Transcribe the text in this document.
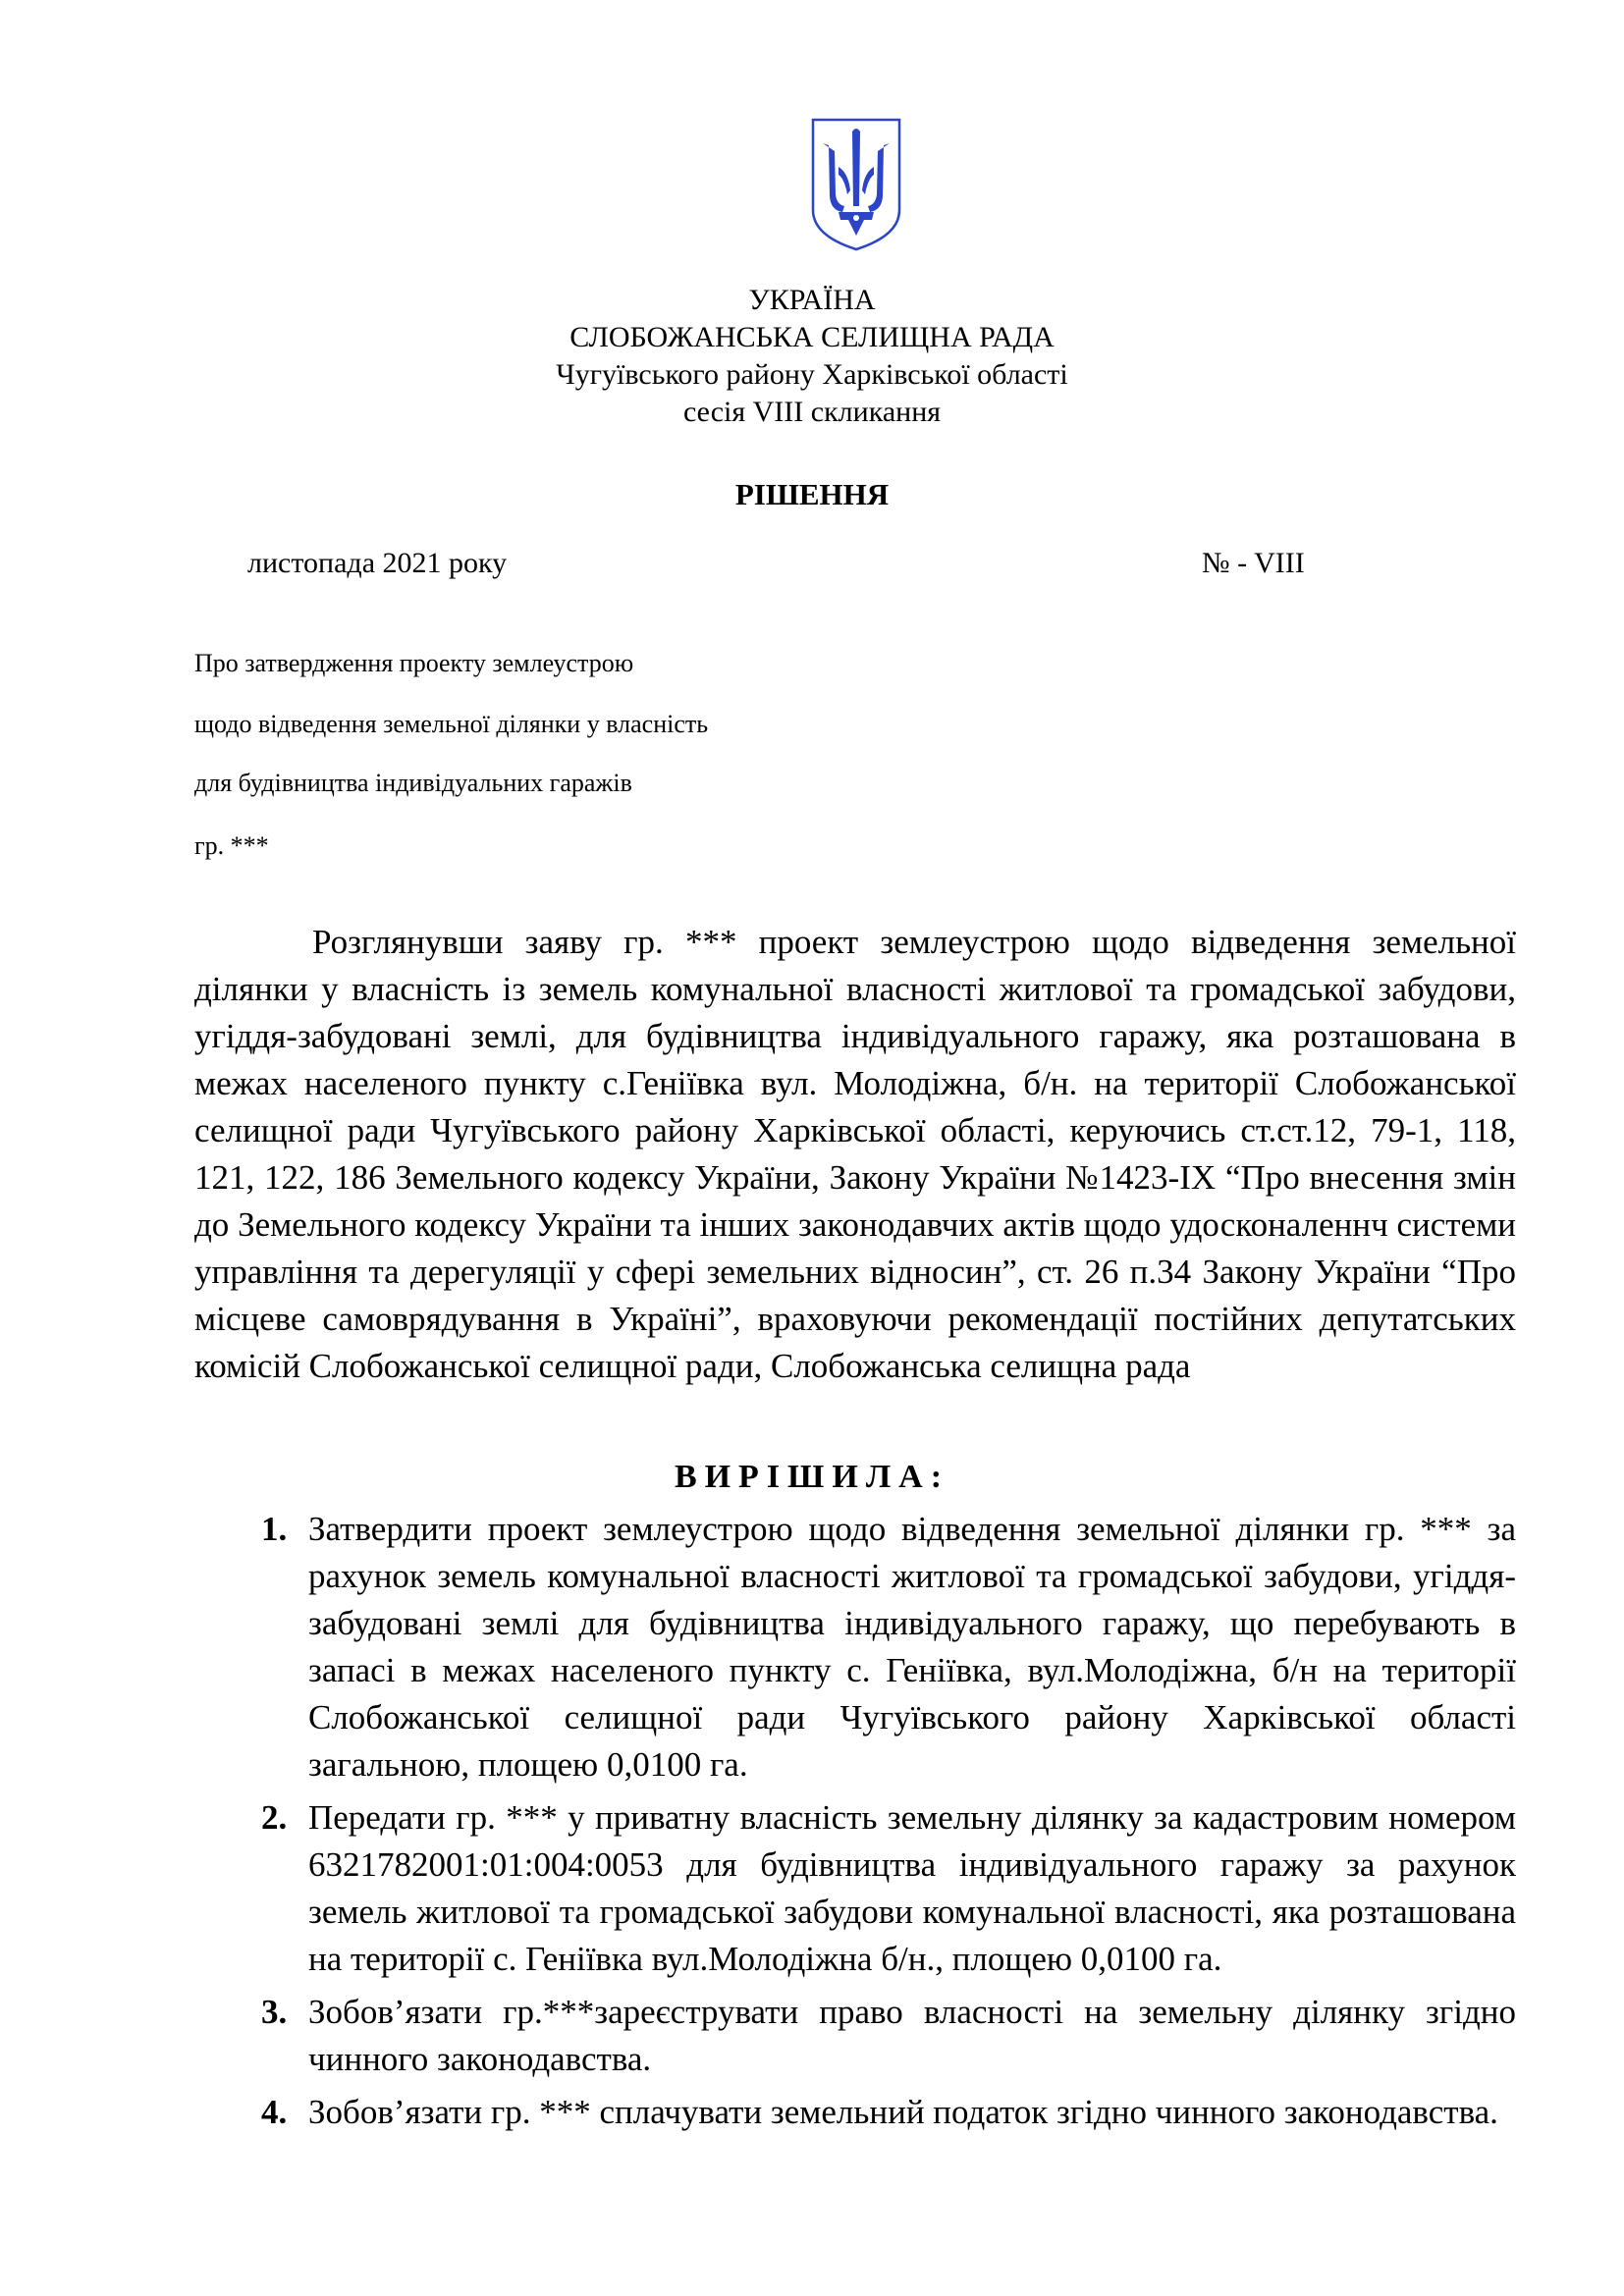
УКРАЇНА
СЛОБОЖАНСЬКА СЕЛИЩНА РАДА
Чугуївського району Харківської області
сесія VIII скликання
РІШЕННЯ
листопада 2021 року	№ - VIII
Про затвердження проекту землеустрою
щодо відведення земельної ділянки у власність
для будівництва індивідуальних гаражів
гр. ***
Розглянувши заяву гр. *** проект землеустрою щодо відведення земельної ділянки у власність із земель комунальної власності житлової та громадської забудови, угіддя-забудовані землі, для будівництва індивідуального гаражу, яка розташована в межах населеного пункту с.Геніївка вул. Молодіжна, б/н. на території Слобожанської селищної ради Чугуївського району Харківської області, керуючись ст.ст.12, 79-1, 118, 121, 122, 186 Земельного кодексу України, Закону України №1423-IX “Про внесення змін до Земельного кодексу України та інших законодавчих актів щодо удосконаленнч системи управління та дерегуляції у сфері земельних відносин”, ст. 26 п.34 Закону України “Про місцеве самоврядування в Україні”, враховуючи рекомендації постійних депутатських комісій Слобожанської селищної ради, Слобожанська селищна рада
ВИРІШИЛА:
1. Затвердити проект землеустрою щодо відведення земельної ділянки гр. *** за рахунок земель комунальної власності житлової та громадської забудови, угіддя-забудовані землі для будівництва індивідуального гаражу, що перебувають в запасі в межах населеного пункту с. Геніївка, вул.Молодіжна, б/н на території Слобожанської селищної ради Чугуївського району Харківської області загальною, площею 0,0100 га.
2. Передати гр. *** у приватну власність земельну ділянку за кадастровим номером 6321782001:01:004:0053 для будівництва індивідуального гаражу за рахунок земель житлової та громадської забудови комунальної власності, яка розташована на території с. Геніївка вул.Молодіжна б/н., площею 0,0100 га.
3. Зобов’язати гр.***зареєструвати право власності на земельну ділянку згідно чинного законодавства.
4. Зобов’язати гр. *** сплачувати земельний податок згідно чинного законодавства.
